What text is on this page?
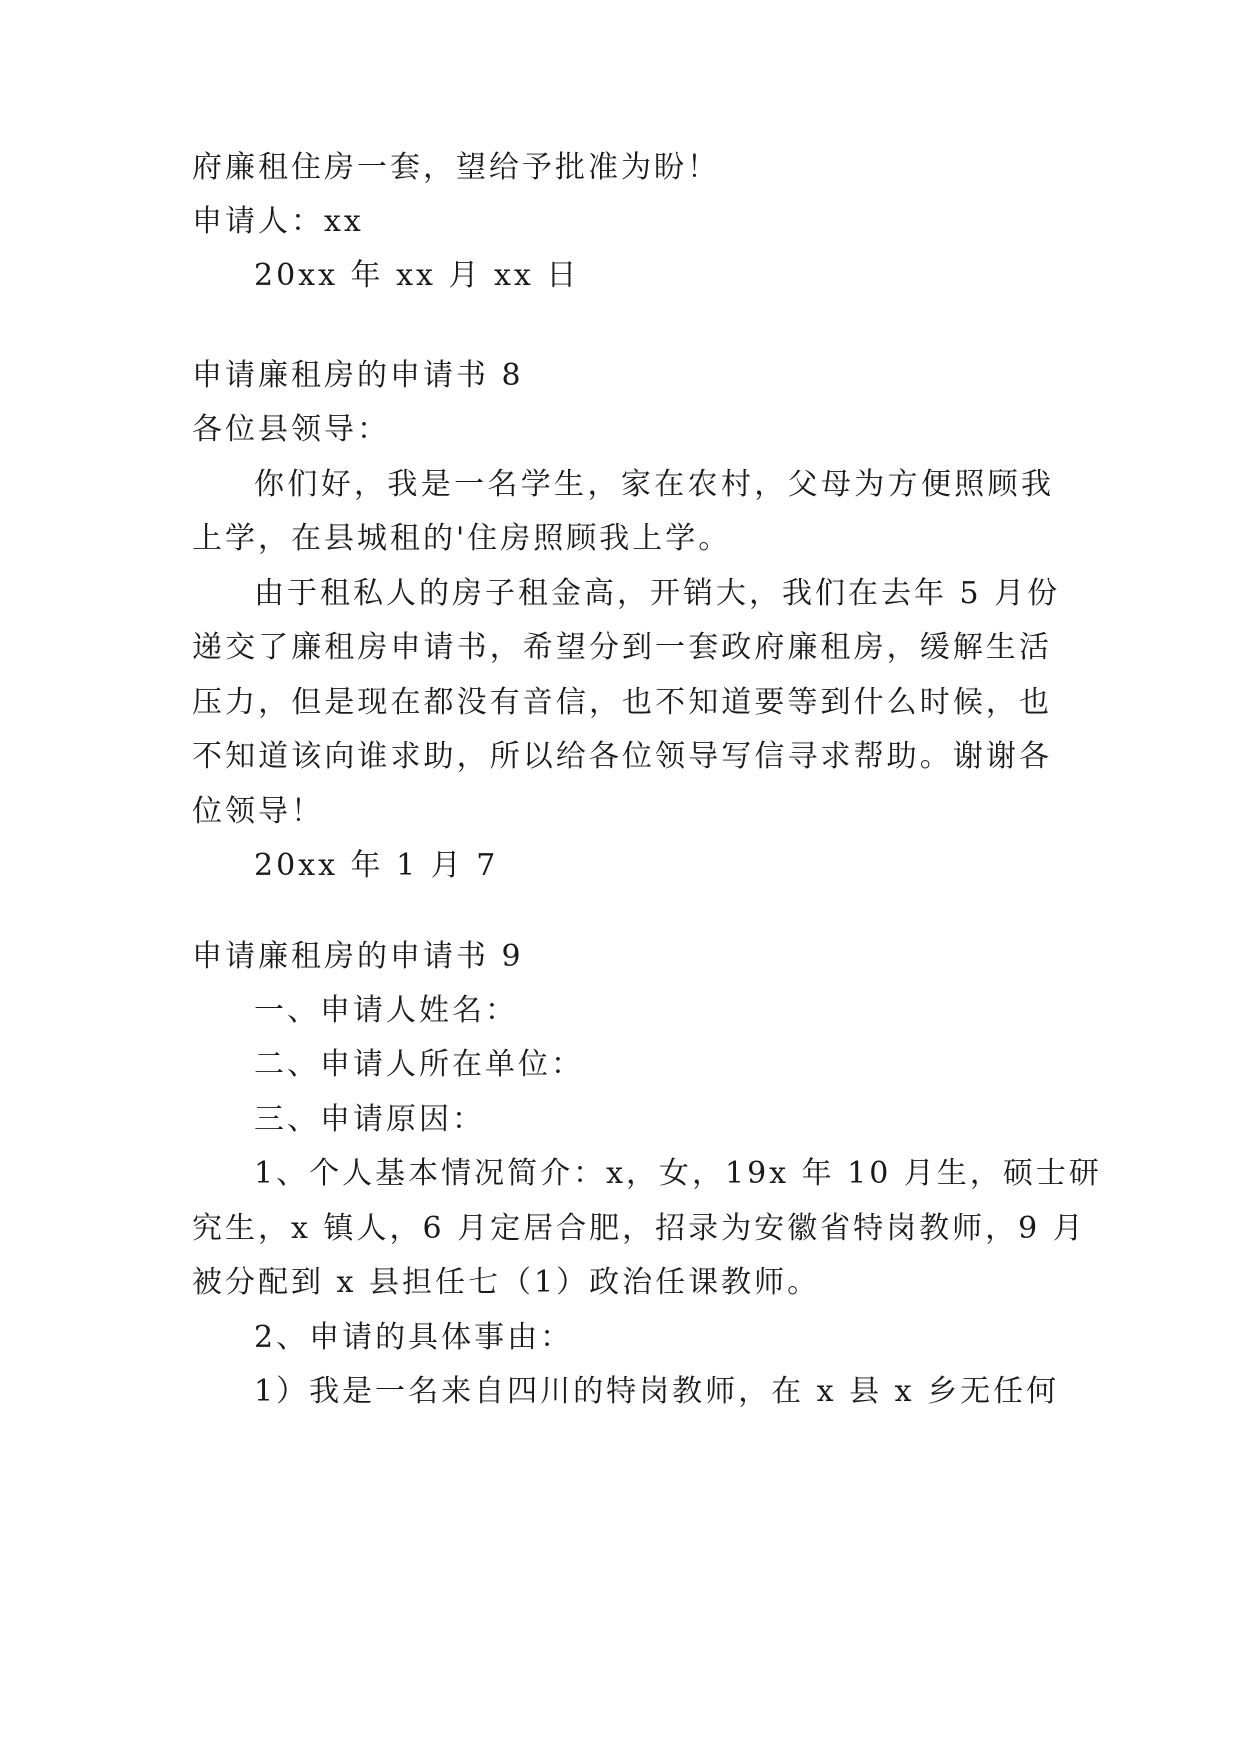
府廉租住房一套，望给予批准为盼！
申请人：xx
20xx 年 xx 月 xx 日
申请廉租房的申请书 8
各位县领导：
你们好，我是一名学生，家在农村，父母为方便照顾我
上学，在县城租的'住房照顾我上学。
由于租私人的房子租金高，开销大，我们在去年 5 月份
递交了廉租房申请书，希望分到一套政府廉租房，缓解生活
压力，但是现在都没有音信，也不知道要等到什么时候，也
不知道该向谁求助，所以给各位领导写信寻求帮助。谢谢各
位领导！
20xx 年 1 月 7
申请廉租房的申请书 9
一、申请人姓名：
二、申请人所在单位：
三、申请原因：
1、个人基本情况简介：x，女，19x 年 10 月生，硕士研
究生，x 镇人，6 月定居合肥，招录为安徽省特岗教师，9 月
被分配到 x 县担任七（1）政治任课教师。
2、申请的具体事由：
1）我是一名来自四川的特岗教师，在 x 县 x 乡无任何
